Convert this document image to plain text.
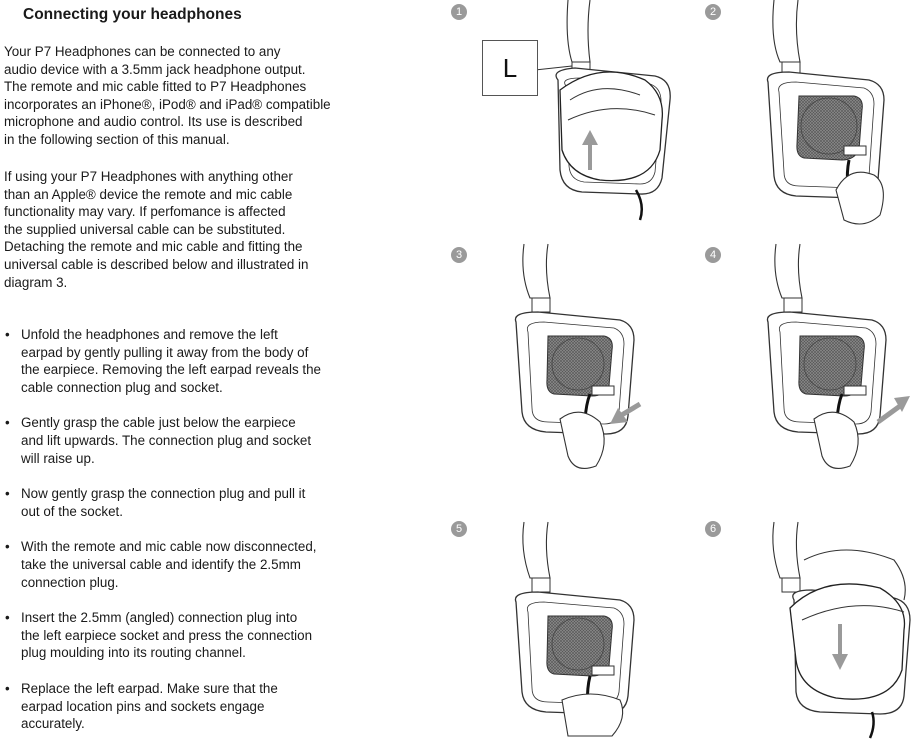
Connecting your headphones

Your P7 Headphones can be connected to any
audio device with a 3.5mm jack headphone output.
The remote and mic cable fitted to P7 Headphones
incorporates an iPhone®, iPod® and iPad® compatible
microphone and audio control. Its use is described
in the following section of this manual.

If using your P7 Headphones with anything other
than an Apple® device the remote and mic cable
functionality may vary. If perfomance is affected
the supplied universal cable can be substituted.
Detaching the remote and mic cable and fitting the
universal cable is described below and illustrated in
diagram 3.

• Unfold the headphones and remove the left
earpad by gently pulling it away from the body of
the earpiece. Removing the left earpad reveals the
cable connection plug and socket.
• Gently grasp the cable just below the earpiece
and lift upwards. The connection plug and socket
will raise up.
• Now gently grasp the connection plug and pull it
out of the socket.
• With the remote and mic cable now disconnected,
take the universal cable and identify the 2.5mm
connection plug.
• Insert the 2.5mm (angled) connection plug into
the left earpiece socket and press the connection
plug moulding into its routing channel.
• Replace the left earpad. Make sure that the
earpad location pins and sockets engage
accurately.
1
L
2
3	4
5	6
